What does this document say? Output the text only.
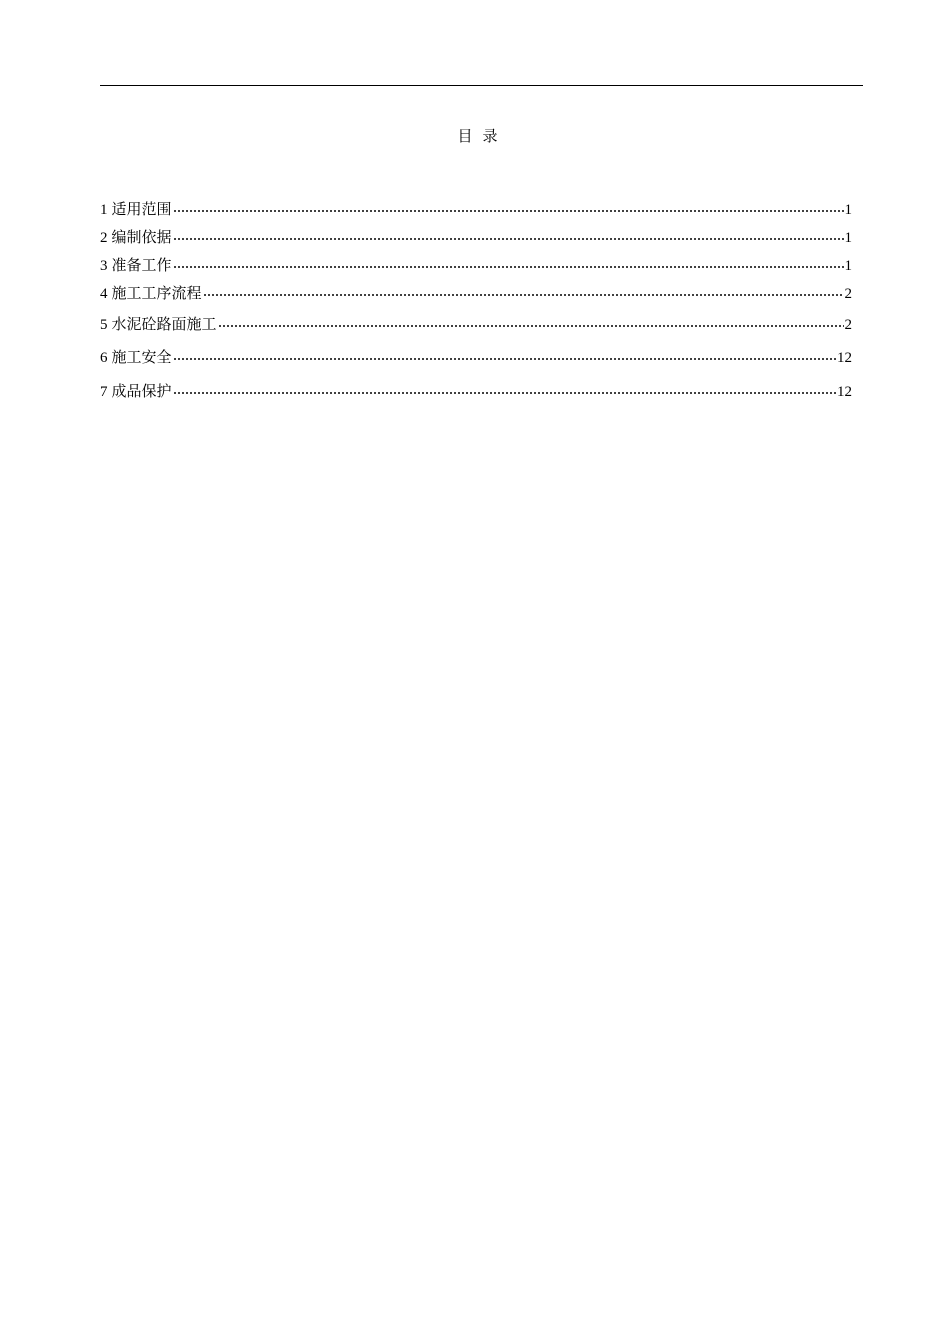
目录
1 适用范围	1
2 编制依据	1
3 准备工作	1
4 施工工序流程	2
5 水泥砼路面施工	2
6 施工安全	12
7 成品保护	12
